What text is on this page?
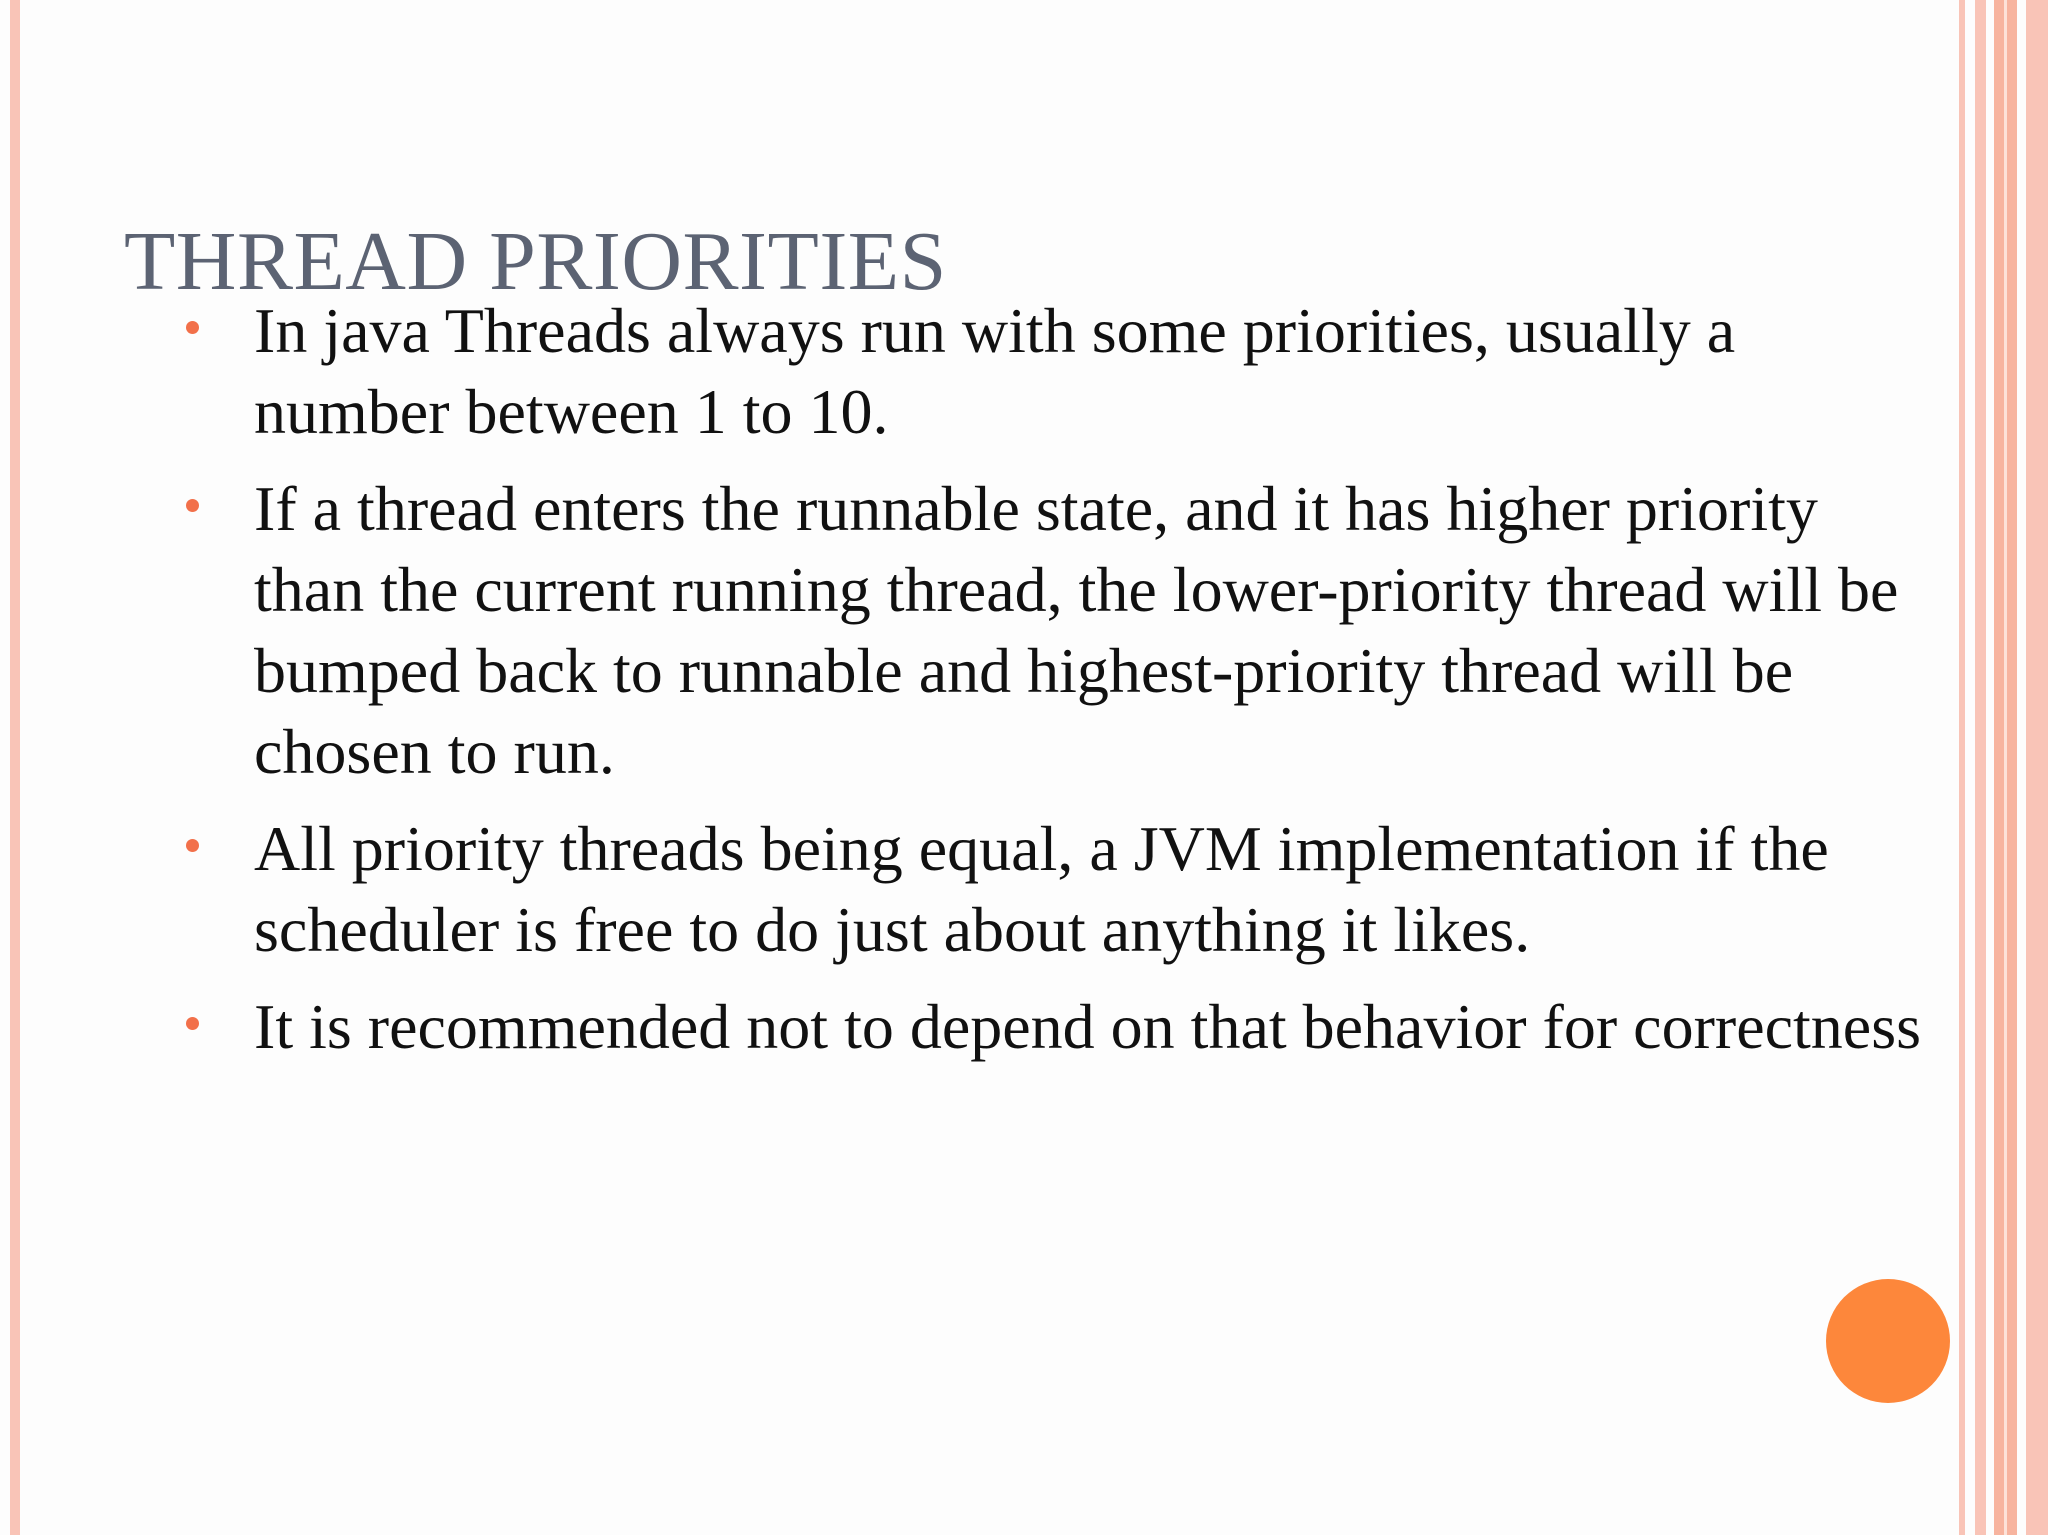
THREAD PRIORITIES
In java Threads always run with some priorities, usually a number between 1 to 10.
If a thread enters the runnable state, and it has higher priority than the current running thread, the lower-priority thread will be bumped back to runnable and highest-priority thread will be chosen to run.
All priority threads being equal, a JVM implementation if the scheduler is free to do just about anything it likes.
It is recommended not to depend on that behavior for correctness
